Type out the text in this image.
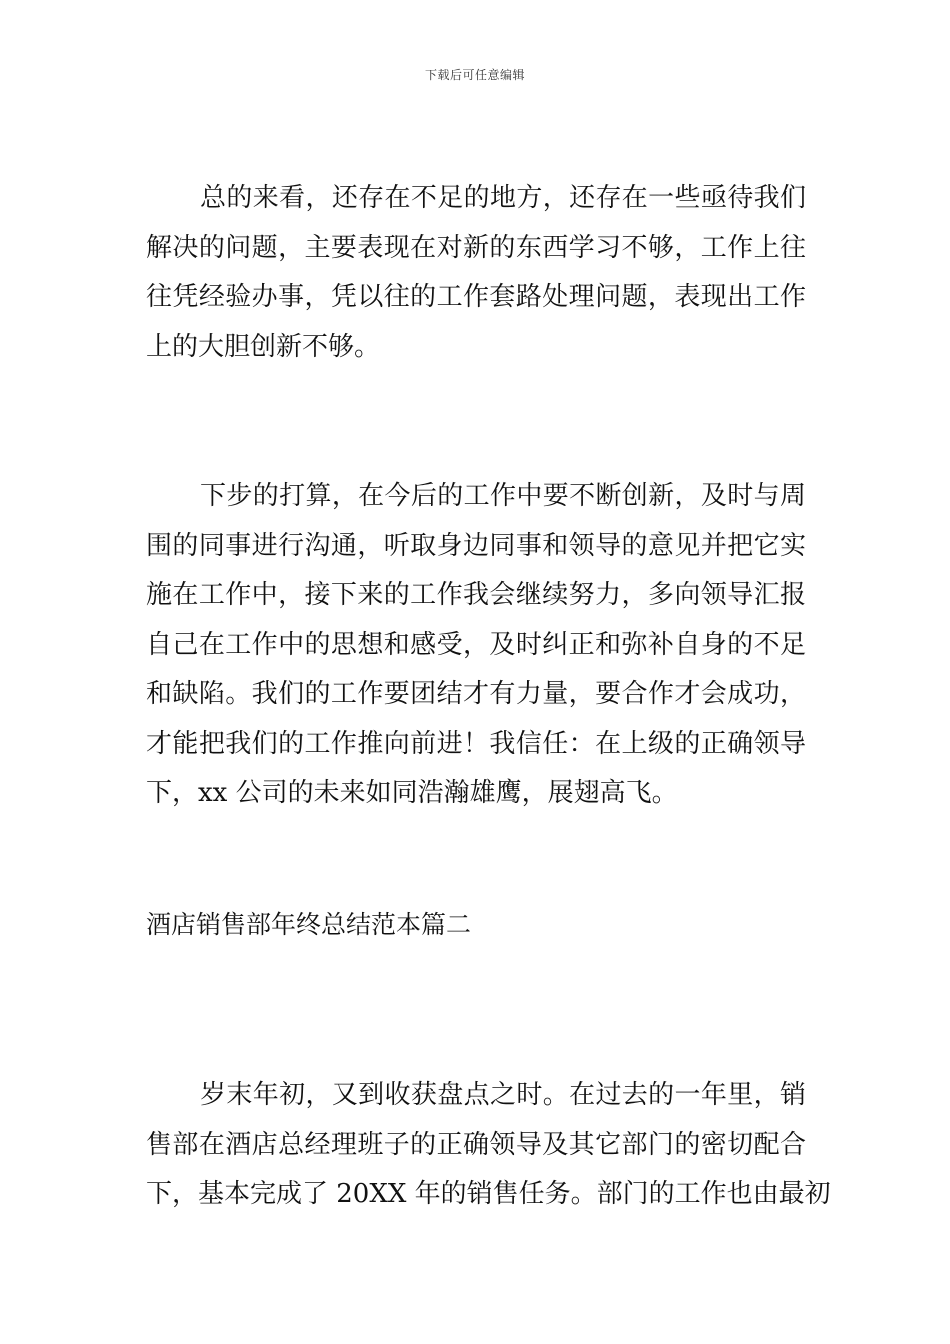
下载后可任意编辑
总的来看，还存在不足的地方，还存在一些亟待我们
解决的问题，主要表现在对新的东西学习不够，工作上往
往凭经验办事，凭以往的工作套路处理问题，表现出工作
上的大胆创新不够。
下步的打算，在今后的工作中要不断创新，及时与周
围的同事进行沟通，听取身边同事和领导的意见并把它实
施在工作中，接下来的工作我会继续努力，多向领导汇报
自己在工作中的思想和感受，及时纠正和弥补自身的不足
和缺陷。我们的工作要团结才有力量，要合作才会成功，
才能把我们的工作推向前进！我信任：在上级的正确领导
下，xx 公司的未来如同浩瀚雄鹰，展翅高飞。
酒店销售部年终总结范本篇二
岁末年初，又到收获盘点之时。在过去的一年里，销
售部在酒店总经理班子的正确领导及其它部门的密切配合
下，基本完成了 20XX 年的销售任务。部门的工作也由最初
